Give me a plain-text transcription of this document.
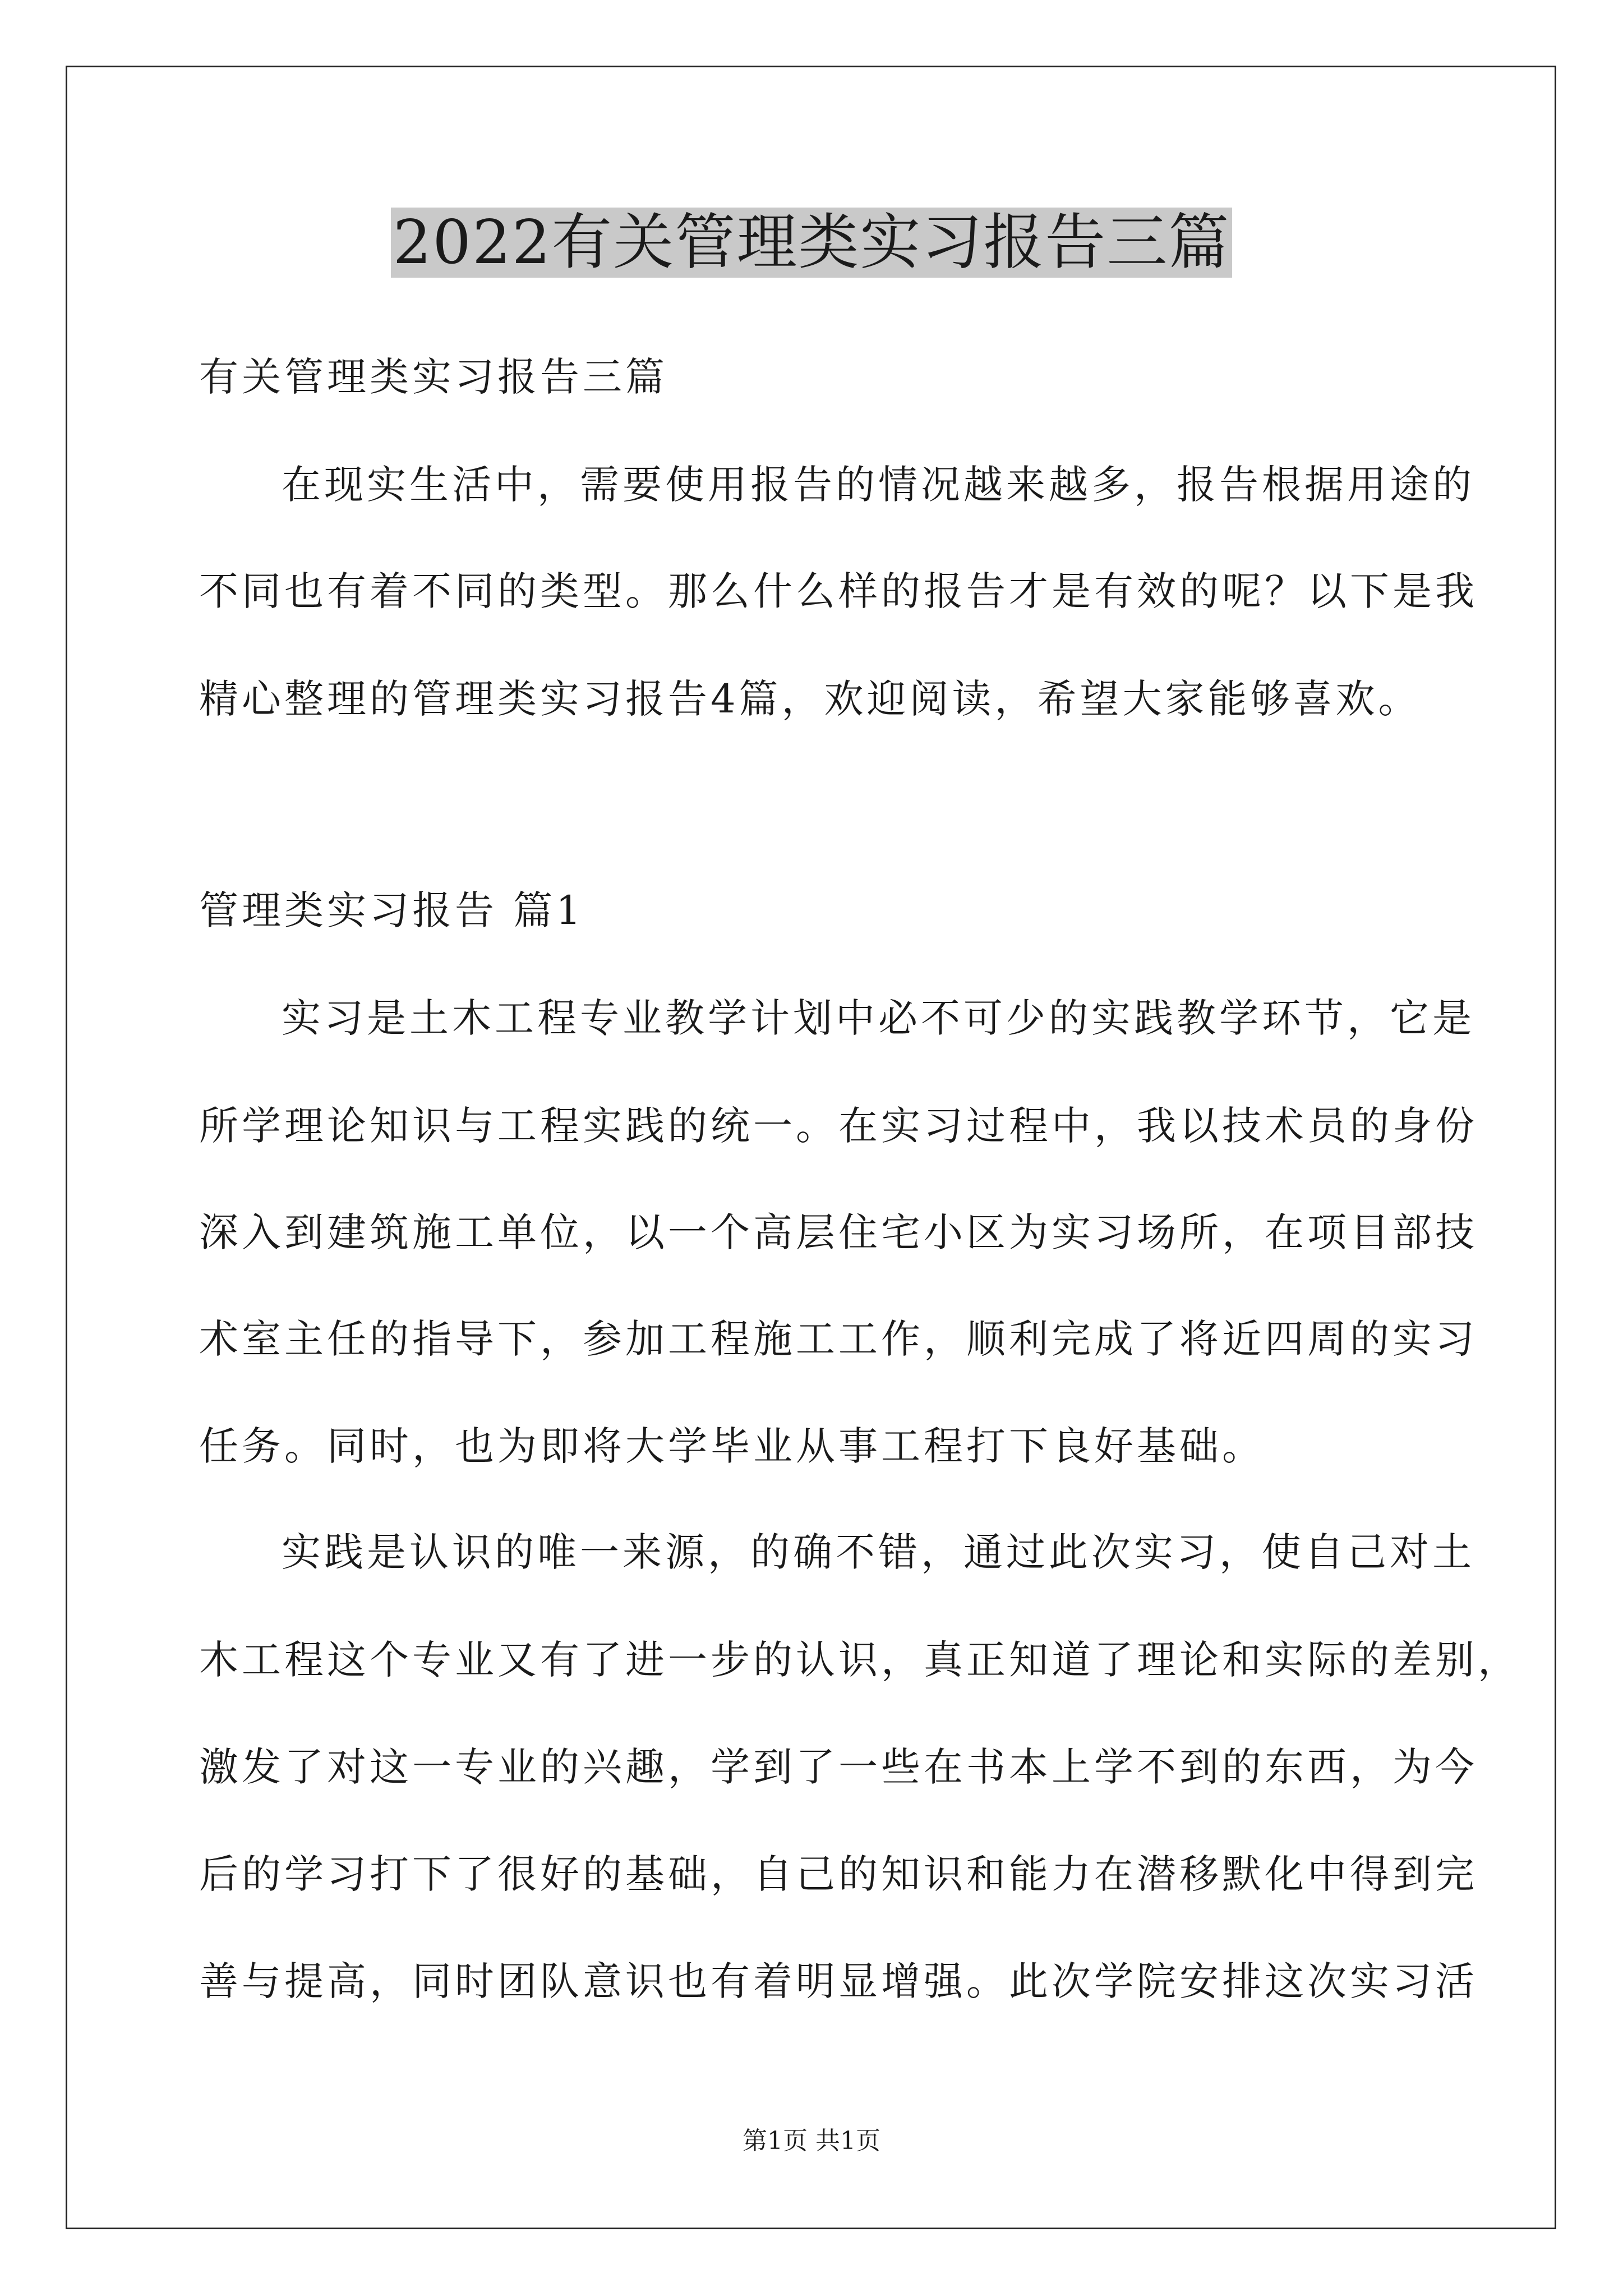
2022有关管理类实习报告三篇
有关管理类实习报告三篇
在现实生活中，需要使用报告的情况越来越多，报告根据用途的
不同也有着不同的类型。那么什么样的报告才是有效的呢？以下是我
精心整理的管理类实习报告4篇，欢迎阅读，希望大家能够喜欢。
管理类实习报告 篇1
实习是土木工程专业教学计划中必不可少的实践教学环节，它是
所学理论知识与工程实践的统一。在实习过程中，我以技术员的身份
深入到建筑施工单位，以一个高层住宅小区为实习场所，在项目部技
术室主任的指导下，参加工程施工工作，顺利完成了将近四周的实习
任务。同时，也为即将大学毕业从事工程打下良好基础。
实践是认识的唯一来源，的确不错，通过此次实习，使自己对土
木工程这个专业又有了进一步的认识，真正知道了理论和实际的差别，
激发了对这一专业的兴趣，学到了一些在书本上学不到的东西，为今
后的学习打下了很好的基础，自己的知识和能力在潜移默化中得到完
善与提高，同时团队意识也有着明显增强。此次学院安排这次实习活
第1页 共1页
